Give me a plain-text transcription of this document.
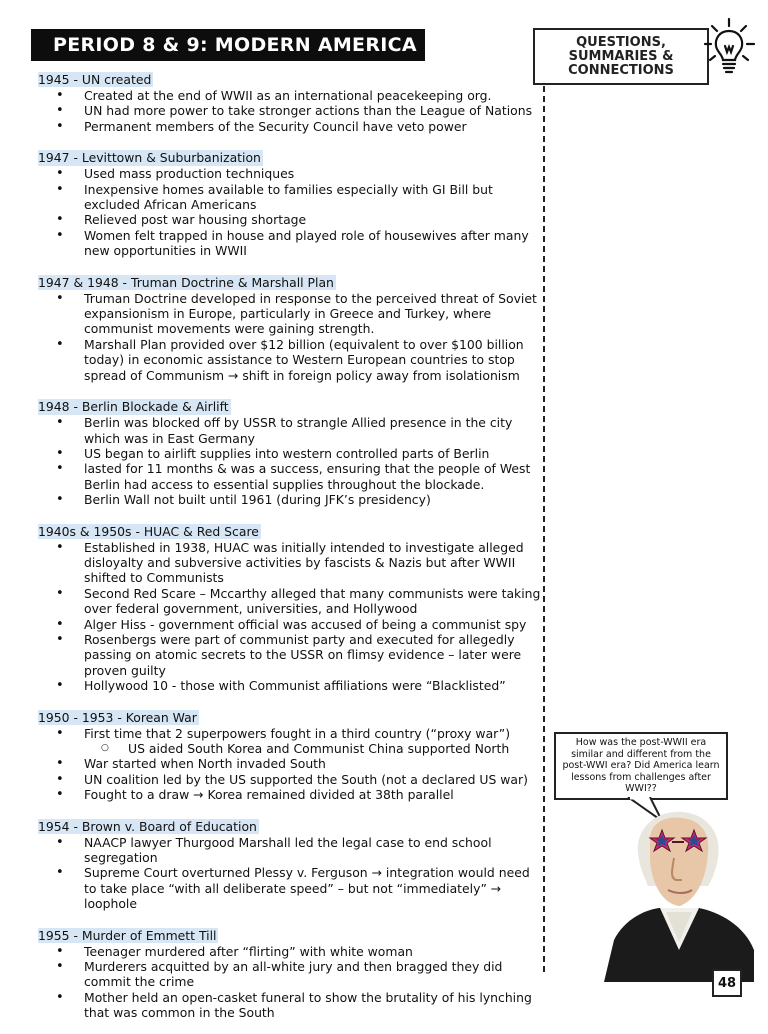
PERIOD 8 & 9: MODERN AMERICA	QUESTIONS, SUMMARIES & CONNECTIONS
1945 - UN created
• Created at the end of WWII as an international peacekeeping org.
• UN had more power to take stronger actions than the League of Nations
• Permanent members of the Security Council have veto power
1947 - Levittown & Suburbanization
• Used mass production techniques
• Inexpensive homes available to families especially with GI Bill but excluded African Americans
• Relieved post war housing shortage
• Women felt trapped in house and played role of housewives after many new opportunities in WWII
1947 & 1948 - Truman Doctrine & Marshall Plan
• Truman Doctrine developed in response to the perceived threat of Soviet expansionism in Europe, particularly in Greece and Turkey, where communist movements were gaining strength.
• Marshall Plan provided over $12 billion (equivalent to over $100 billion today) in economic assistance to Western European countries to stop spread of Communism → shift in foreign policy away from isolationism
1948 - Berlin Blockade & Airlift
• Berlin was blocked off by USSR to strangle Allied presence in the city which was in East Germany
• US began to airlift supplies into western controlled parts of Berlin
• lasted for 11 months & was a success, ensuring that the people of West Berlin had access to essential supplies throughout the blockade.
• Berlin Wall not built until 1961 (during JFK’s presidency)
1940s & 1950s - HUAC & Red Scare
• Established in 1938, HUAC was initially intended to investigate alleged disloyalty and subversive activities by fascists & Nazis but after WWII shifted to Communists
• Second Red Scare – Mccarthy alleged that many communists were taking over federal government, universities, and Hollywood
• Alger Hiss - government official was accused of being a communist spy
• Rosenbergs were part of communist party and executed for allegedly passing on atomic secrets to the USSR on flimsy evidence – later were proven guilty
• Hollywood 10 - those with Communist affiliations were “Blacklisted”
1950 - 1953 - Korean War
• First time that 2 superpowers fought in a third country (“proxy war”)
○ US aided South Korea and Communist China supported North
• War started when North invaded South
• UN coalition led by the US supported the South (not a declared US war)
• Fought to a draw → Korea remained divided at 38th parallel
1954 - Brown v. Board of Education
• NAACP lawyer Thurgood Marshall led the legal case to end school segregation
• Supreme Court overturned Plessy v. Ferguson → integration would need to take place “with all deliberate speed” – but not “immediately” → loophole
1955 - Murder of Emmett Till
• Teenager murdered after “flirting” with white woman
• Murderers acquitted by an all-white jury and then bragged they did commit the crime
• Mother held an open-casket funeral to show the brutality of his lynching that was common in the South
How was the post-WWII era similar and different from the post-WWI era? Did America learn lessons from challenges after WWI??
48
